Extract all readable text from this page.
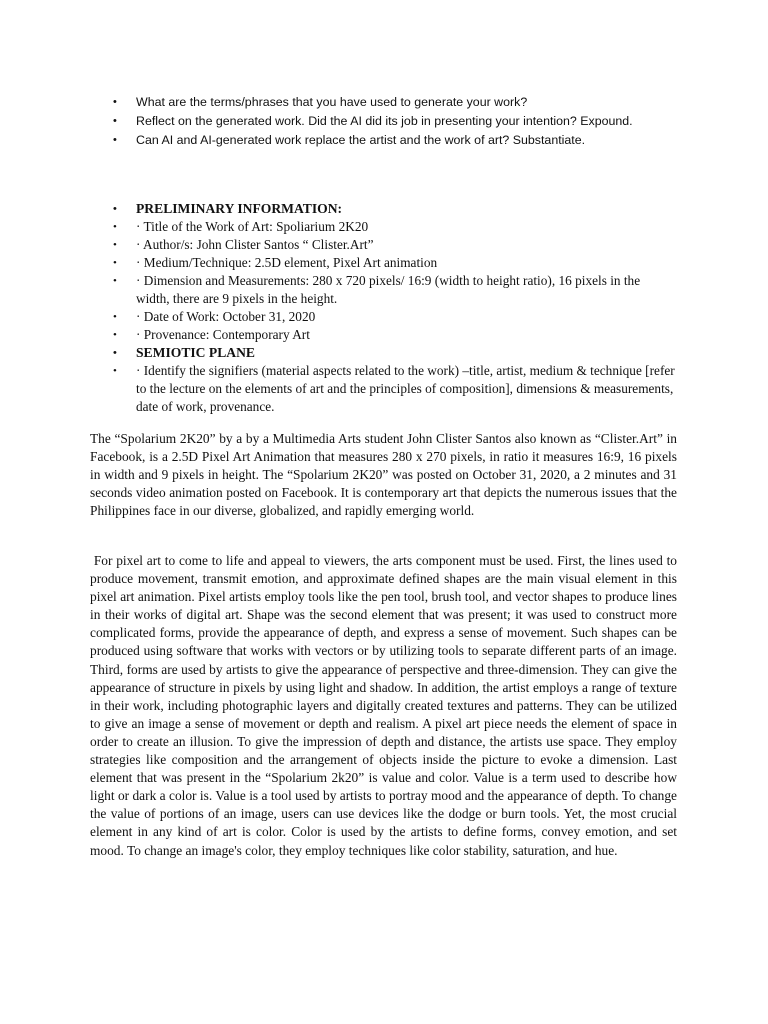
• What are the terms/phrases that you have used to generate your work?
• Reflect on the generated work. Did the AI did its job in presenting your intention? Expound.
• Can AI and AI-generated work replace the artist and the work of art? Substantiate.
• PRELIMINARY INFORMATION:
• · Title of the Work of Art: Spoliarium 2K20
• · Author/s: John Clister Santos “ Clister.Art”
• · Medium/Technique: 2.5D element, Pixel Art animation
• · Dimension and Measurements: 280 x 720 pixels/ 16:9 (width to height ratio), 16 pixels in the width, there are 9 pixels in the height.
• · Date of Work: October 31, 2020
• · Provenance: Contemporary Art
• SEMIOTIC PLANE
• · Identify the signifiers (material aspects related to the work) –title, artist, medium & technique [refer to the lecture on the elements of art and the principles of composition], dimensions & measurements, date of work, provenance.

The “Spolarium 2K20” by a by a Multimedia Arts student John Clister Santos also known as “Clister.Art” in Facebook, is a 2.5D Pixel Art Animation that measures 280 x 270 pixels, in ratio it measures 16:9, 16 pixels in width and 9 pixels in height. The “Spolarium 2K20” was posted on October 31, 2020, a 2 minutes and 31 seconds video animation posted on Facebook. It is contemporary art that depicts the numerous issues that the Philippines face in our diverse, globalized, and rapidly emerging world.

For pixel art to come to life and appeal to viewers, the arts component must be used. First, the lines used to produce movement, transmit emotion, and approximate defined shapes are the main visual element in this pixel art animation. Pixel artists employ tools like the pen tool, brush tool, and vector shapes to produce lines in their works of digital art. Shape was the second element that was present; it was used to construct more complicated forms, provide the appearance of depth, and express a sense of movement. Such shapes can be produced using software that works with vectors or by utilizing tools to separate different parts of an image. Third, forms are used by artists to give the appearance of perspective and three-dimension. They can give the appearance of structure in pixels by using light and shadow. In addition, the artist employs a range of texture in their work, including photographic layers and digitally created textures and patterns. They can be utilized to give an image a sense of movement or depth and realism. A pixel art piece needs the element of space in order to create an illusion. To give the impression of depth and distance, the artists use space. They employ strategies like composition and the arrangement of objects inside the picture to evoke a dimension. Last element that was present in the “Spolarium 2k20” is value and color. Value is a term used to describe how light or dark a color is. Value is a tool used by artists to portray mood and the appearance of depth. To change the value of portions of an image, users can use devices like the dodge or burn tools. Yet, the most crucial element in any kind of art is color. Color is used by the artists to define forms, convey emotion, and set mood. To change an image's color, they employ techniques like color stability, saturation, and hue.
